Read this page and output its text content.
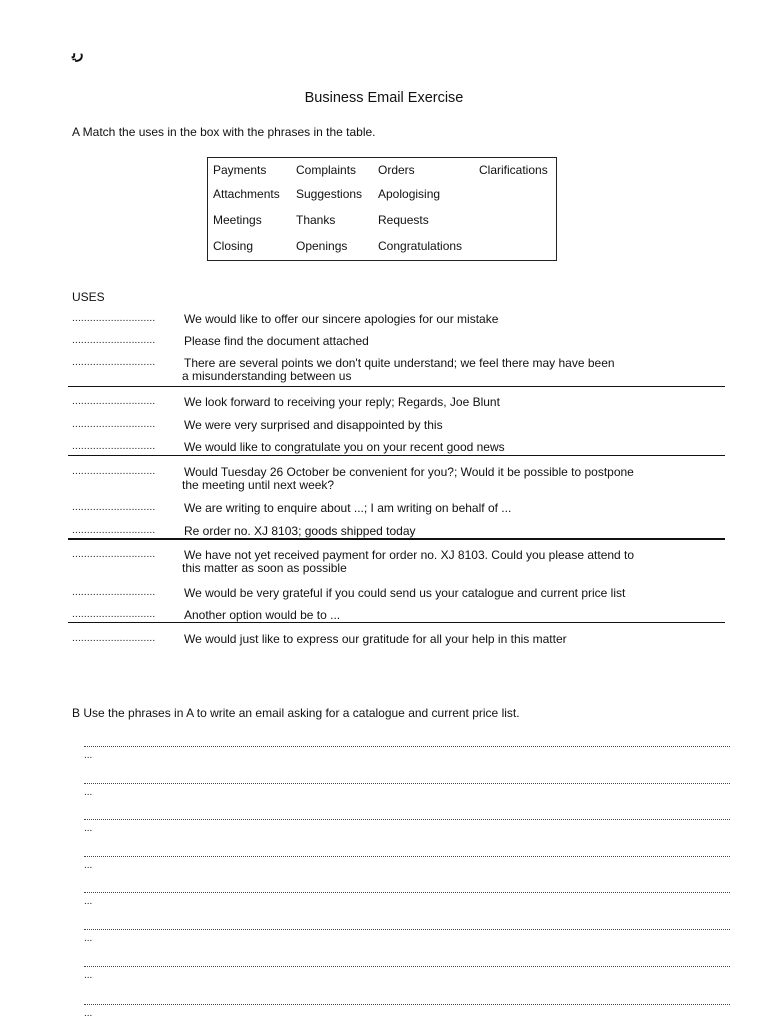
ﺭﻳ
Business Email Exercise
A Match the uses in the box with the phrases in the table.
Payments Complaints Orders	Clarifications
Attachments Suggestions Apologising
Meetings	Thanks	Requests
Closing	Openings	Congratulations
USES
............................ We would like to offer our sincere apologies for our mistake
............................ Please find the document attached
............................ There are several points we don't quite understand; we feel there may have been
a misunderstanding between us
............................ We look forward to receiving your reply; Regards, Joe Blunt
............................ We were very surprised and disappointed by this
............................ We would like to congratulate you on your recent good news
............................ Would Tuesday 26 October be convenient for you?; Would it be possible to postpone
the meeting until next week?
............................ We are writing to enquire about ...; I am writing on behalf of ...
............................ Re order no. XJ 8103; goods shipped today
............................ We have not yet received payment for order no. XJ 8103. Could you please attend to
this matter as soon as possible
............................ We would be very grateful if you could send us your catalogue and current price list
............................ Another option would be to ...
............................ We would just like to express our gratitude for all your help in this matter
B Use the phrases in A to write an email asking for a catalogue and current price list.
...
...
...
...
...
...
...
...
